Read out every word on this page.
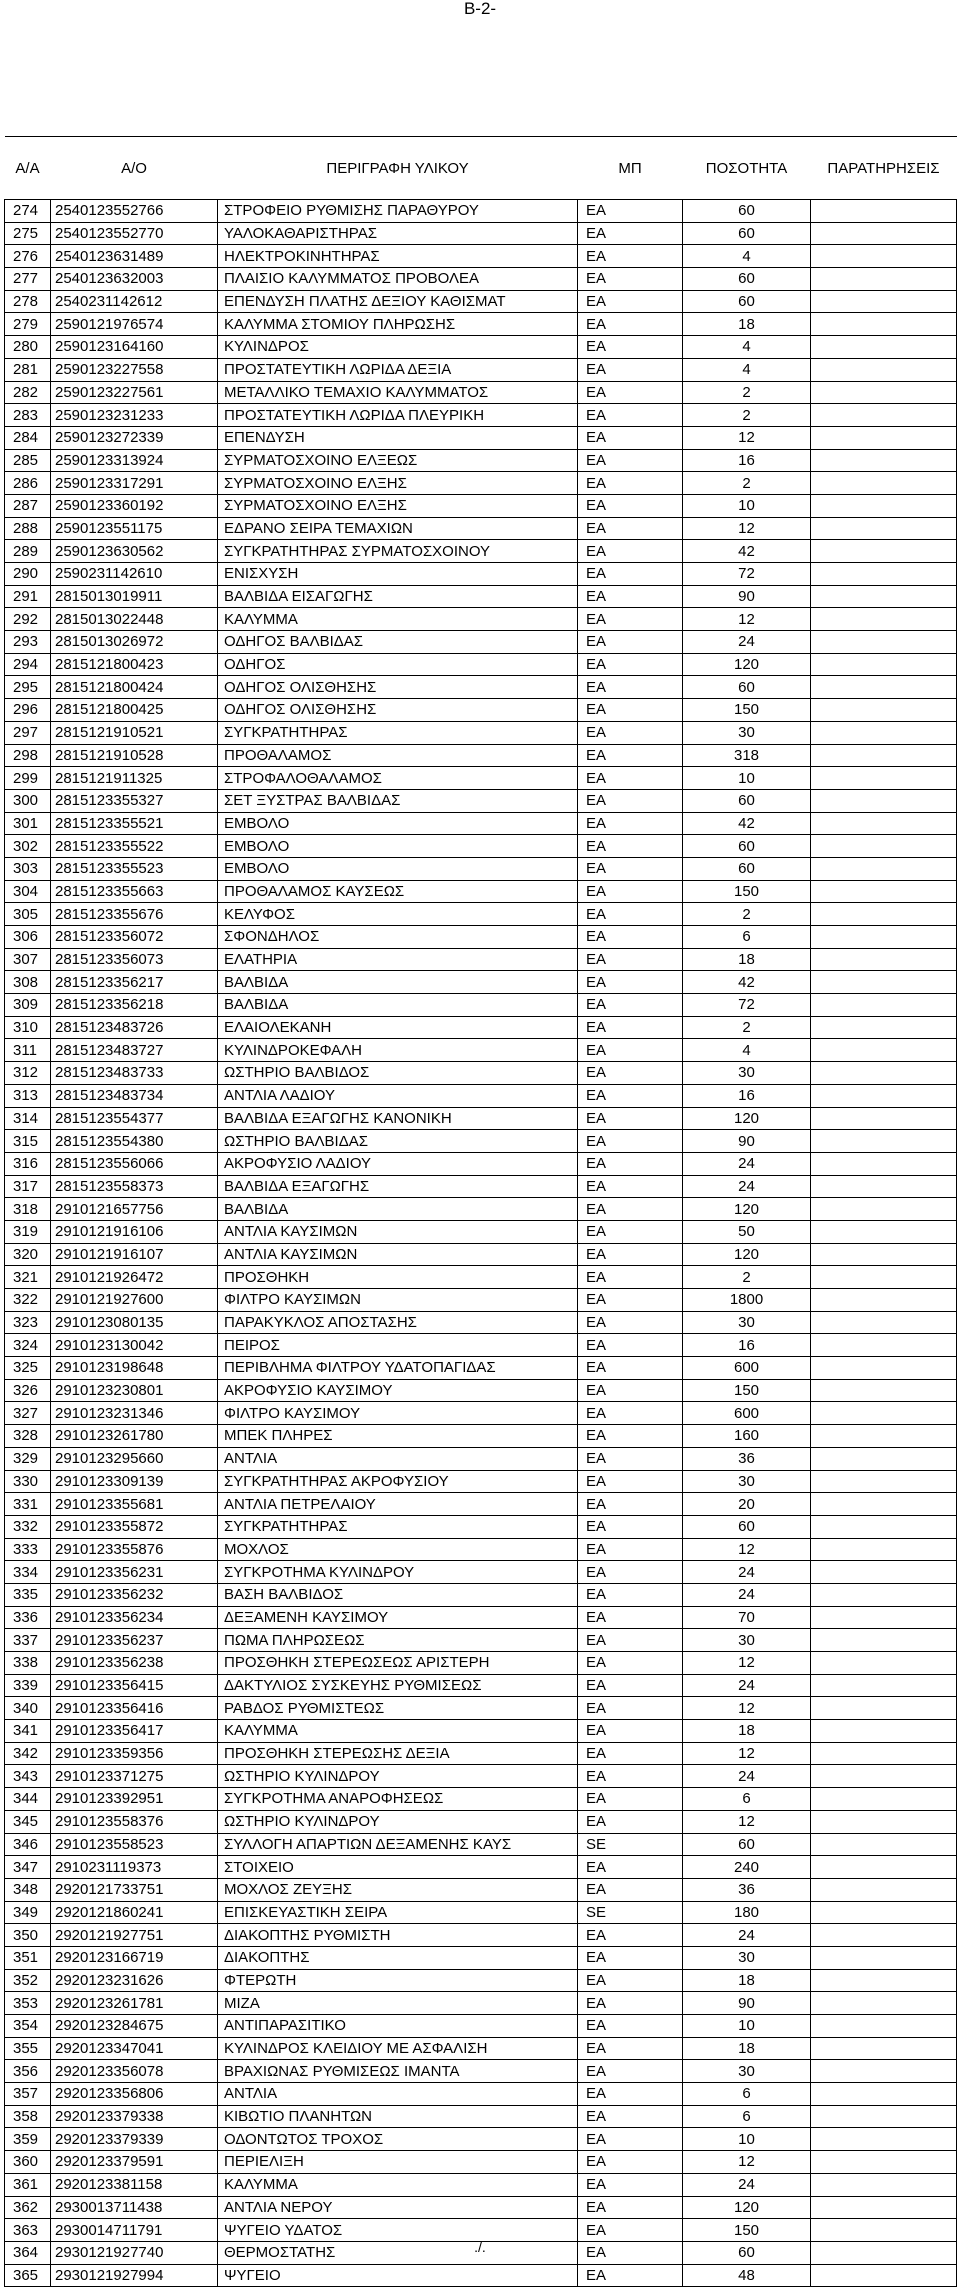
B-2-
Α/Α	Α/Ο	ΠΕΡΙΓΡΑΦΗ ΥΛΙΚΟΥ	ΜΠ	ΠΟΣΟΤΗΤΑ	ΠΑΡΑΤΗΡΗΣΕΙΣ
274	2540123552766	ΣΤΡΟΦΕΙΟ ΡΥΘΜΙΣΗΣ ΠΑΡΑΘΥΡΟΥ	ΕΑ	60	
275	2540123552770	ΥΑΛΟΚΑΘΑΡΙΣΤΗΡΑΣ	ΕΑ	60	
276	2540123631489	ΗΛΕΚΤΡΟΚΙΝΗΤΗΡΑΣ	ΕΑ	4	
277	2540123632003	ΠΛΑΙΣΙΟ ΚΑΛΥΜΜΑΤΟΣ ΠΡΟΒΟΛΕΑ	ΕΑ	60	
278	2540231142612	ΕΠΕΝΔΥΣΗ ΠΛΑΤΗΣ ΔΕΞΙΟΥ ΚΑΘΙΣΜΑΤ	ΕΑ	60	
279	2590121976574	ΚΑΛΥΜΜΑ ΣΤΟΜΙΟΥ ΠΛΗΡΩΣΗΣ	ΕΑ	18	
280	2590123164160	ΚΥΛΙΝΔΡΟΣ	ΕΑ	4	
281	2590123227558	ΠΡΟΣΤΑΤΕΥΤΙΚΗ ΛΩΡΙΔΑ ΔΕΞΙΑ	ΕΑ	4	
282	2590123227561	ΜΕΤΑΛΛΙΚΟ ΤΕΜΑΧΙΟ ΚΑΛΥΜΜΑΤΟΣ	ΕΑ	2	
283	2590123231233	ΠΡΟΣΤΑΤΕΥΤΙΚΗ ΛΩΡΙΔΑ ΠΛΕΥΡΙΚΗ	ΕΑ	2	
284	2590123272339	ΕΠΕΝΔΥΣΗ	ΕΑ	12	
285	2590123313924	ΣΥΡΜΑΤΟΣΧΟΙΝΟ ΕΛΞΕΩΣ	ΕΑ	16	
286	2590123317291	ΣΥΡΜΑΤΟΣΧΟΙΝΟ ΕΛΞΗΣ	ΕΑ	2	
287	2590123360192	ΣΥΡΜΑΤΟΣΧΟΙΝΟ ΕΛΞΗΣ	ΕΑ	10	
288	2590123551175	ΕΔΡΑΝΟ ΣΕΙΡΑ ΤΕΜΑΧΙΩΝ	ΕΑ	12	
289	2590123630562	ΣΥΓΚΡΑΤΗΤΗΡΑΣ ΣΥΡΜΑΤΟΣΧΟΙΝΟΥ	ΕΑ	42	
290	2590231142610	ΕΝΙΣΧΥΣΗ	ΕΑ	72	
291	2815013019911	ΒΑΛΒΙΔΑ ΕΙΣΑΓΩΓΗΣ	ΕΑ	90	
292	2815013022448	ΚΑΛΥΜΜΑ	ΕΑ	12	
293	2815013026972	ΟΔΗΓΟΣ ΒΑΛΒΙΔΑΣ	ΕΑ	24	
294	2815121800423	ΟΔΗΓΟΣ	ΕΑ	120	
295	2815121800424	ΟΔΗΓΟΣ ΟΛΙΣΘΗΣΗΣ	ΕΑ	60	
296	2815121800425	ΟΔΗΓΟΣ ΟΛΙΣΘΗΣΗΣ	ΕΑ	150	
297	2815121910521	ΣΥΓΚΡΑΤΗΤΗΡΑΣ	ΕΑ	30	
298	2815121910528	ΠΡΟΘΑΛΑΜΟΣ	ΕΑ	318	
299	2815121911325	ΣΤΡΟΦΑΛΟΘΑΛΑΜΟΣ	ΕΑ	10	
300	2815123355327	ΣΕΤ ΞΥΣΤΡΑΣ ΒΑΛΒΙΔΑΣ	ΕΑ	60	
301	2815123355521	ΕΜΒΟΛΟ	ΕΑ	42	
302	2815123355522	ΕΜΒΟΛΟ	ΕΑ	60	
303	2815123355523	ΕΜΒΟΛΟ	ΕΑ	60	
304	2815123355663	ΠΡΟΘΑΛΑΜΟΣ ΚΑΥΣΕΩΣ	ΕΑ	150	
305	2815123355676	ΚΕΛΥΦΟΣ	ΕΑ	2	
306	2815123356072	ΣΦΟΝΔΗΛΟΣ	ΕΑ	6	
307	2815123356073	ΕΛΑΤΗΡΙΑ	ΕΑ	18	
308	2815123356217	ΒΑΛΒΙΔΑ	ΕΑ	42	
309	2815123356218	ΒΑΛΒΙΔΑ	ΕΑ	72	
310	2815123483726	ΕΛΑΙΟΛΕΚΑΝΗ	ΕΑ	2	
311	2815123483727	ΚΥΛΙΝΔΡΟΚΕΦΑΛΗ	ΕΑ	4	
312	2815123483733	ΩΣΤΗΡΙΟ ΒΑΛΒΙΔΟΣ	ΕΑ	30	
313	2815123483734	ΑΝΤΛΙΑ ΛΑΔΙΟΥ	ΕΑ	16	
314	2815123554377	ΒΑΛΒΙΔΑ ΕΞΑΓΩΓΗΣ ΚΑΝΟΝΙΚΗ	ΕΑ	120	
315	2815123554380	ΩΣΤΗΡΙΟ ΒΑΛΒΙΔΑΣ	ΕΑ	90	
316	2815123556066	ΑΚΡΟΦΥΣΙΟ ΛΑΔΙΟΥ	ΕΑ	24	
317	2815123558373	ΒΑΛΒΙΔΑ ΕΞΑΓΩΓΗΣ	ΕΑ	24	
318	2910121657756	ΒΑΛΒΙΔΑ	ΕΑ	120	
319	2910121916106	ΑΝΤΛΙΑ ΚΑΥΣΙΜΩΝ	ΕΑ	50	
320	2910121916107	ΑΝΤΛΙΑ ΚΑΥΣΙΜΩΝ	ΕΑ	120	
321	2910121926472	ΠΡΟΣΘΗΚΗ	ΕΑ	2	
322	2910121927600	ΦΙΛΤΡΟ ΚΑΥΣΙΜΩΝ	ΕΑ	1800	
323	2910123080135	ΠΑΡΑΚΥΚΛΟΣ ΑΠΟΣΤΑΣΗΣ	ΕΑ	30	
324	2910123130042	ΠΕΙΡΟΣ	ΕΑ	16	
325	2910123198648	ΠΕΡΙΒΛΗΜΑ ΦΙΛΤΡΟΥ ΥΔΑΤΟΠΑΓΙΔΑΣ	ΕΑ	600	
326	2910123230801	ΑΚΡΟΦΥΣΙΟ ΚΑΥΣΙΜΟΥ	ΕΑ	150	
327	2910123231346	ΦΙΛΤΡΟ ΚΑΥΣΙΜΟΥ	ΕΑ	600	
328	2910123261780	ΜΠΕΚ ΠΛΗΡΕΣ	ΕΑ	160	
329	2910123295660	ΑΝΤΛΙΑ	ΕΑ	36	
330	2910123309139	ΣΥΓΚΡΑΤΗΤΗΡΑΣ ΑΚΡΟΦΥΣΙΟΥ	ΕΑ	30	
331	2910123355681	ΑΝΤΛΙΑ ΠΕΤΡΕΛΑΙΟΥ	ΕΑ	20	
332	2910123355872	ΣΥΓΚΡΑΤΗΤΗΡΑΣ	ΕΑ	60	
333	2910123355876	ΜΟΧΛΟΣ	ΕΑ	12	
334	2910123356231	ΣΥΓΚΡΟΤΗΜΑ ΚΥΛΙΝΔΡΟΥ	ΕΑ	24	
335	2910123356232	ΒΑΣΗ ΒΑΛΒΙΔΟΣ	ΕΑ	24	
336	2910123356234	ΔΕΞΑΜΕΝΗ ΚΑΥΣΙΜΟΥ	ΕΑ	70	
337	2910123356237	ΠΩΜΑ ΠΛΗΡΩΣΕΩΣ	ΕΑ	30	
338	2910123356238	ΠΡΟΣΘΗΚΗ ΣΤΕΡΕΩΣΕΩΣ ΑΡΙΣΤΕΡΗ	ΕΑ	12	
339	2910123356415	ΔΑΚΤΥΛΙΟΣ ΣΥΣΚΕΥΗΣ ΡΥΘΜΙΣΕΩΣ	ΕΑ	24	
340	2910123356416	ΡΑΒΔΟΣ ΡΥΘΜΙΣΤΕΩΣ	ΕΑ	12	
341	2910123356417	ΚΑΛΥΜΜΑ	ΕΑ	18	
342	2910123359356	ΠΡΟΣΘΗΚΗ ΣΤΕΡΕΩΣΗΣ ΔΕΞΙΑ	ΕΑ	12	
343	2910123371275	ΩΣΤΗΡΙΟ ΚΥΛΙΝΔΡΟΥ	ΕΑ	24	
344	2910123392951	ΣΥΓΚΡΟΤΗΜΑ ΑΝΑΡΟΦΗΣΕΩΣ	ΕΑ	6	
345	2910123558376	ΩΣΤΗΡΙΟ ΚΥΛΙΝΔΡΟΥ	ΕΑ	12	
346	2910123558523	ΣΥΛΛΟΓΗ ΑΠΑΡΤΙΩΝ ΔΕΞΑΜΕΝΗΣ ΚΑΥΣ	SE	60	
347	2910231119373	ΣΤΟΙΧΕΙΟ	ΕΑ	240	
348	2920121733751	ΜΟΧΛΟΣ ΖΕΥΞΗΣ	ΕΑ	36	
349	2920121860241	ΕΠΙΣΚΕΥΑΣΤΙΚΗ ΣΕΙΡΑ	SE	180	
350	2920121927751	ΔΙΑΚΟΠΤΗΣ ΡΥΘΜΙΣΤΗ	ΕΑ	24	
351	2920123166719	ΔΙΑΚΟΠΤΗΣ	ΕΑ	30	
352	2920123231626	ΦΤΕΡΩΤΗ	ΕΑ	18	
353	2920123261781	ΜΙΖΑ	ΕΑ	90	
354	2920123284675	ΑΝΤΙΠΑΡΑΣΙΤΙΚΟ	ΕΑ	10	
355	2920123347041	ΚΥΛΙΝΔΡΟΣ ΚΛΕΙΔΙΟΥ ΜΕ ΑΣΦΑΛΙΣΗ	ΕΑ	18	
356	2920123356078	ΒΡΑΧΙΩΝΑΣ ΡΥΘΜΙΣΕΩΣ ΙΜΑΝΤΑ	ΕΑ	30	
357	2920123356806	ΑΝΤΛΙΑ	ΕΑ	6	
358	2920123379338	ΚΙΒΩΤΙΟ ΠΛΑΝΗΤΩΝ	ΕΑ	6	
359	2920123379339	ΟΔΟΝΤΩΤΟΣ ΤΡΟΧΟΣ	ΕΑ	10	
360	2920123379591	ΠΕΡΙΕΛΙΞΗ	ΕΑ	12	
361	2920123381158	ΚΑΛΥΜΜΑ	ΕΑ	24	
362	2930013711438	ΑΝΤΛΙΑ ΝΕΡΟΥ	ΕΑ	120	
363	2930014711791	ΨΥΓΕΙΟ ΥΔΑΤΟΣ	ΕΑ	150	
364	2930121927740	ΘΕΡΜΟΣΤΑΤΗΣ	ΕΑ	60	
365	2930121927994	ΨΥΓΕΙΟ	ΕΑ	48	
./.
